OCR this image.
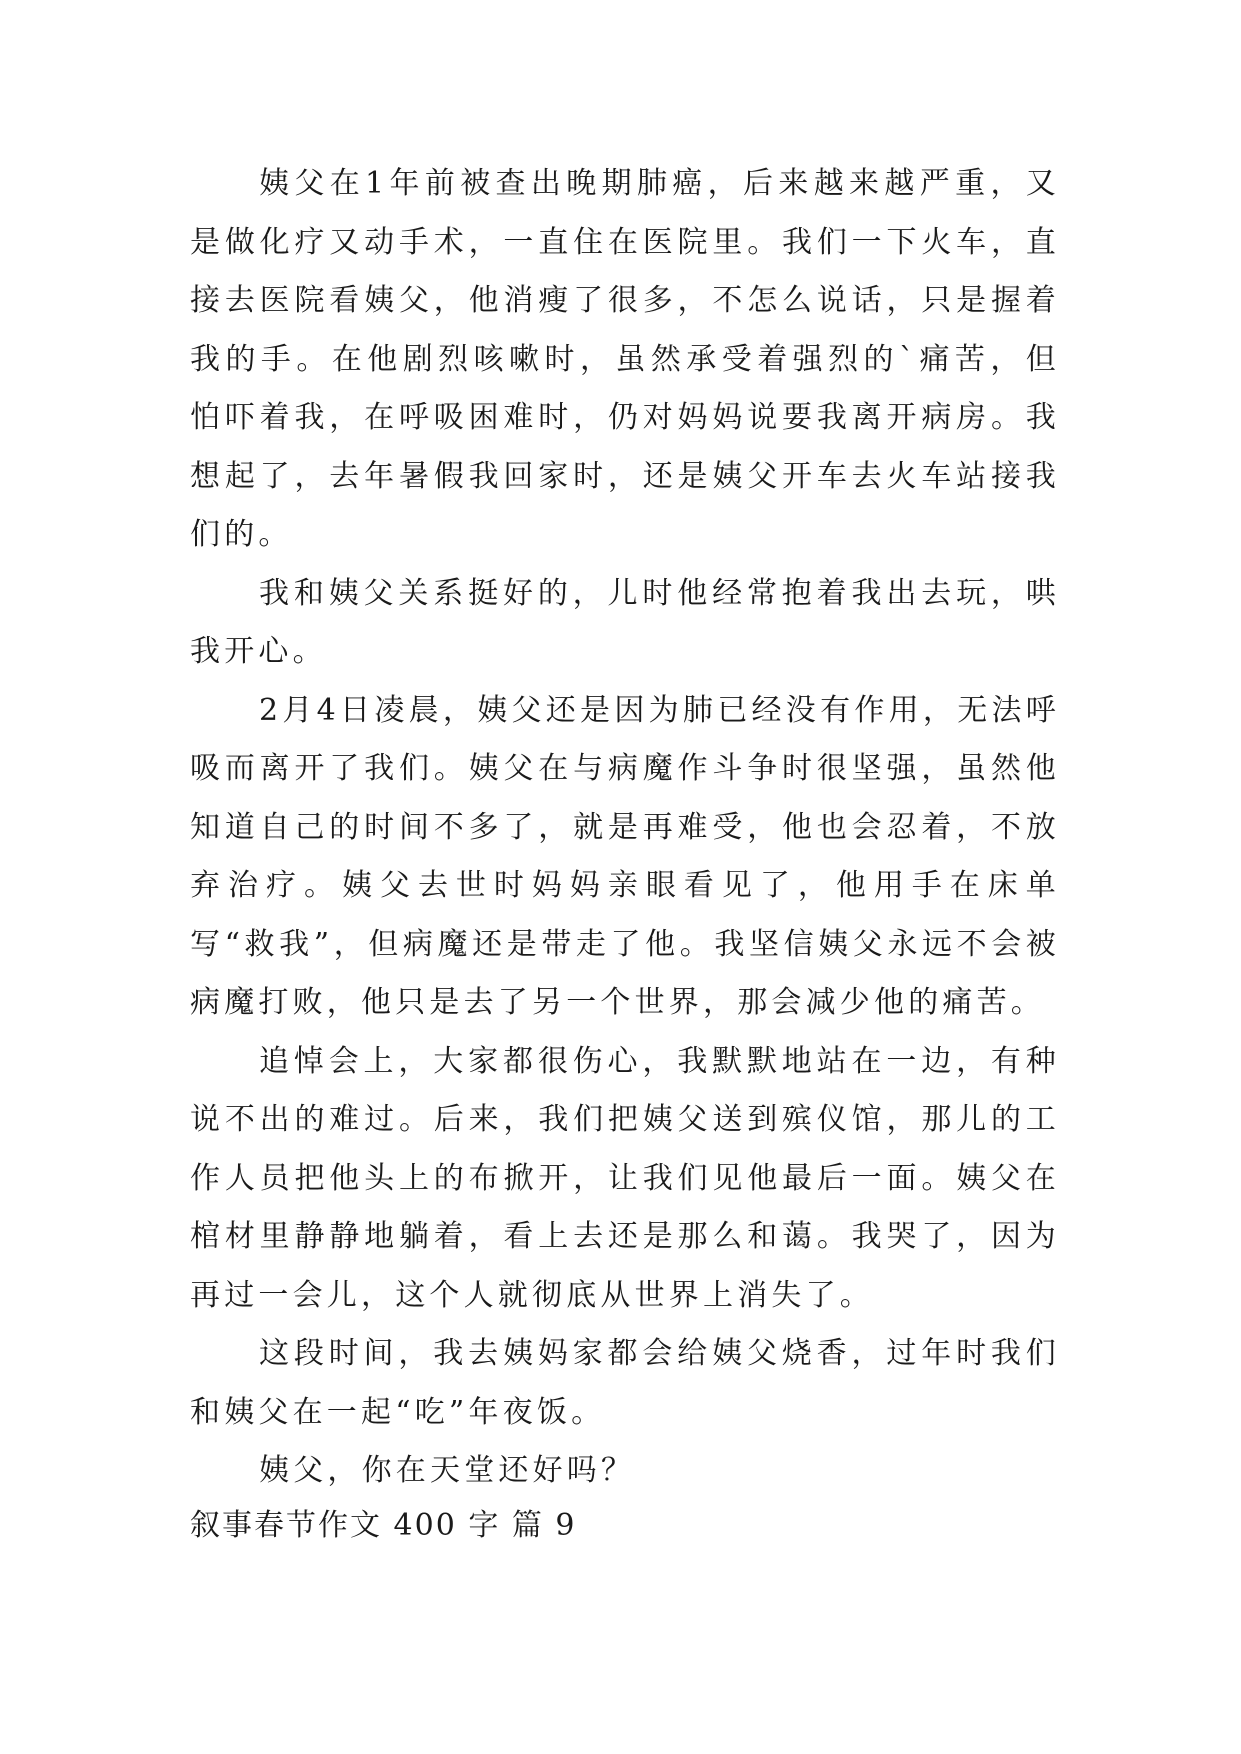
姨父在1年前被查出晚期肺癌，后来越来越严重，又是做化疗又动手术，一直住在医院里。我们一下火车，直接去医院看姨父，他消瘦了很多，不怎么说话，只是握着我的手。在他剧烈咳嗽时，虽然承受着强烈的`痛苦，但怕吓着我，在呼吸困难时，仍对妈妈说要我离开病房。我想起了，去年暑假我回家时，还是姨父开车去火车站接我们的。

我和姨父关系挺好的，儿时他经常抱着我出去玩，哄我开心。

2月4日凌晨，姨父还是因为肺已经没有作用，无法呼吸而离开了我们。姨父在与病魔作斗争时很坚强，虽然他知道自己的时间不多了，就是再难受，他也会忍着，不放弃治疗。姨父去世时妈妈亲眼看见了，他用手在床单写“救我”，但病魔还是带走了他。我坚信姨父永远不会被病魔打败，他只是去了另一个世界，那会减少他的痛苦。

追悼会上，大家都很伤心，我默默地站在一边，有种说不出的难过。后来，我们把姨父送到殡仪馆，那儿的工作人员把他头上的布掀开，让我们见他最后一面。姨父在棺材里静静地躺着，看上去还是那么和蔼。我哭了，因为再过一会儿，这个人就彻底从世界上消失了。

这段时间，我去姨妈家都会给姨父烧香，过年时我们和姨父在一起“吃”年夜饭。

姨父，你在天堂还好吗？

叙事春节作文 400 字 篇 9
